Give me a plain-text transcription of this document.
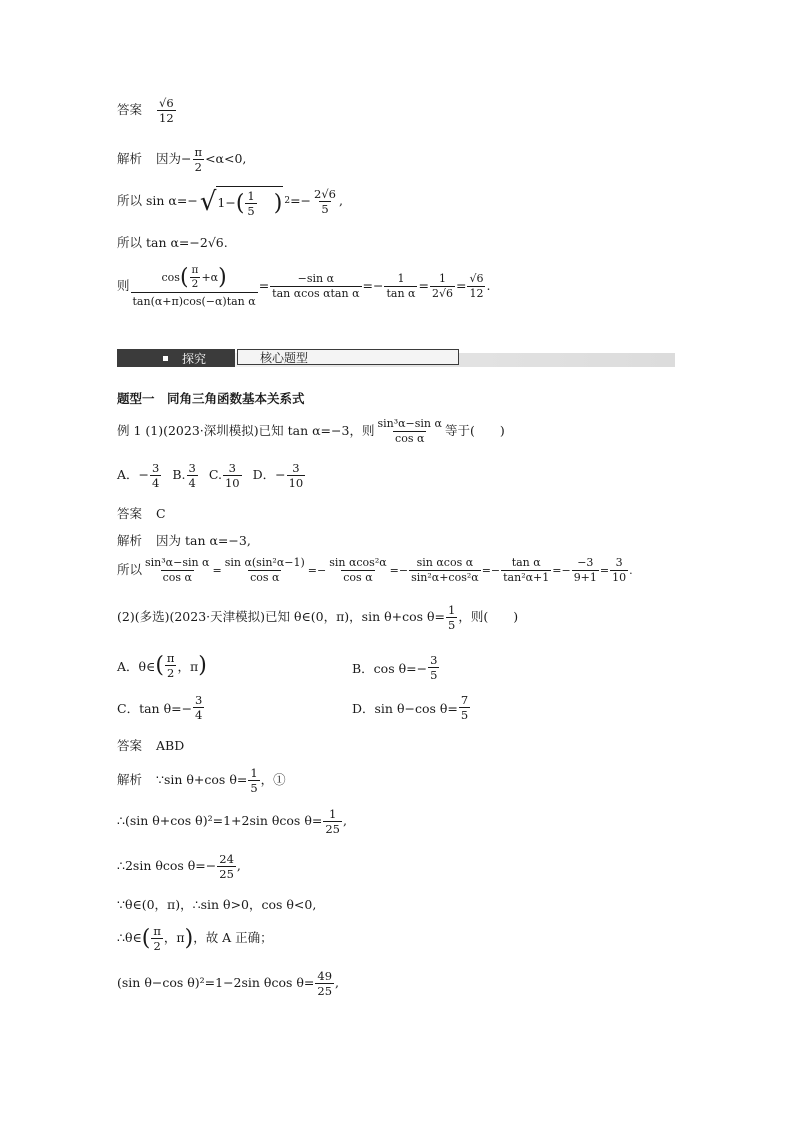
答案 $\frac{√6}{12}$
解析 因为 − $\frac{\pi}{2} <\alpha<0$,
所以 sin α=− √ 1− ( $\frac{1}{5}$ ) $2 =- \frac{2√6}{5}$ ,
所以 tan α=−2√6.
则
cos ( $\frac{\pi}{2} +\alpha$ )
tan(α+π)cos(−α)tan α
= $\frac{\text{−sin α}}{\text{tan αcos αtan α}} =- \frac{1}{\text{tan α}} = \frac{1}{2√6} = \frac{√6}{12}$ .
探究	核心题型
题型一　同角三角函数基本关系式
例 1 (1)(2023·深圳模拟)已知 tan α=−3，则 $\frac{\text{sin³α−sin α}}{\text{cos α}}$ 等于(　　)
A．− $\frac{3}{4} B$. $\frac{3}{4} C$. $\frac{3}{10}$ D．− $\frac{3}{10}$
答案 C
解析 因为 tan α=−3,
所以 $\frac{\text{sin³α−sin α}}{\text{cos α}} = \frac{\text{sin α(sin²α−1)}}{\text{cos α}} =- \frac{\text{sin αcos²α}}{\text{cos α}} =- \frac{\text{sin αcos α}}{\text{sin²α+cos²α}} =- \frac{\text{tan α}}{\text{tan²α+1}} =- \frac{-3}{9+1} = \frac{3}{10}$ .
(2)(多选)(2023·天津模拟)已知 θ∈(0，π)，sin θ+cos $\theta= \frac{1}{5}$ ，则(　　)
A．θ∈ ( $\frac{\pi}{2}$ ，π )	B．$\cos \theta=- \frac{3}{5}$
C．$\tan \theta=- \frac{3}{4}$	D．sin θ−cos $\theta= \frac{7}{5}$
答案 ABD
解析 ∵sin θ+cos $\theta= \frac{1}{5}$ ，①
∴(sin θ+cos θ)²=1+2sin θcos $\theta= \frac{1}{25}$ ,
∴2sin θcos $\theta=- \frac{24}{25}$ ,
∵θ∈(0，π)，∴sin θ>0，cos θ<0,
∴θ∈ ( $\frac{\pi}{2}$ ，π ) ，故 A 正确；
(sin θ−cos θ)²=1−2sin θcos $\theta= \frac{49}{25}$ ,
